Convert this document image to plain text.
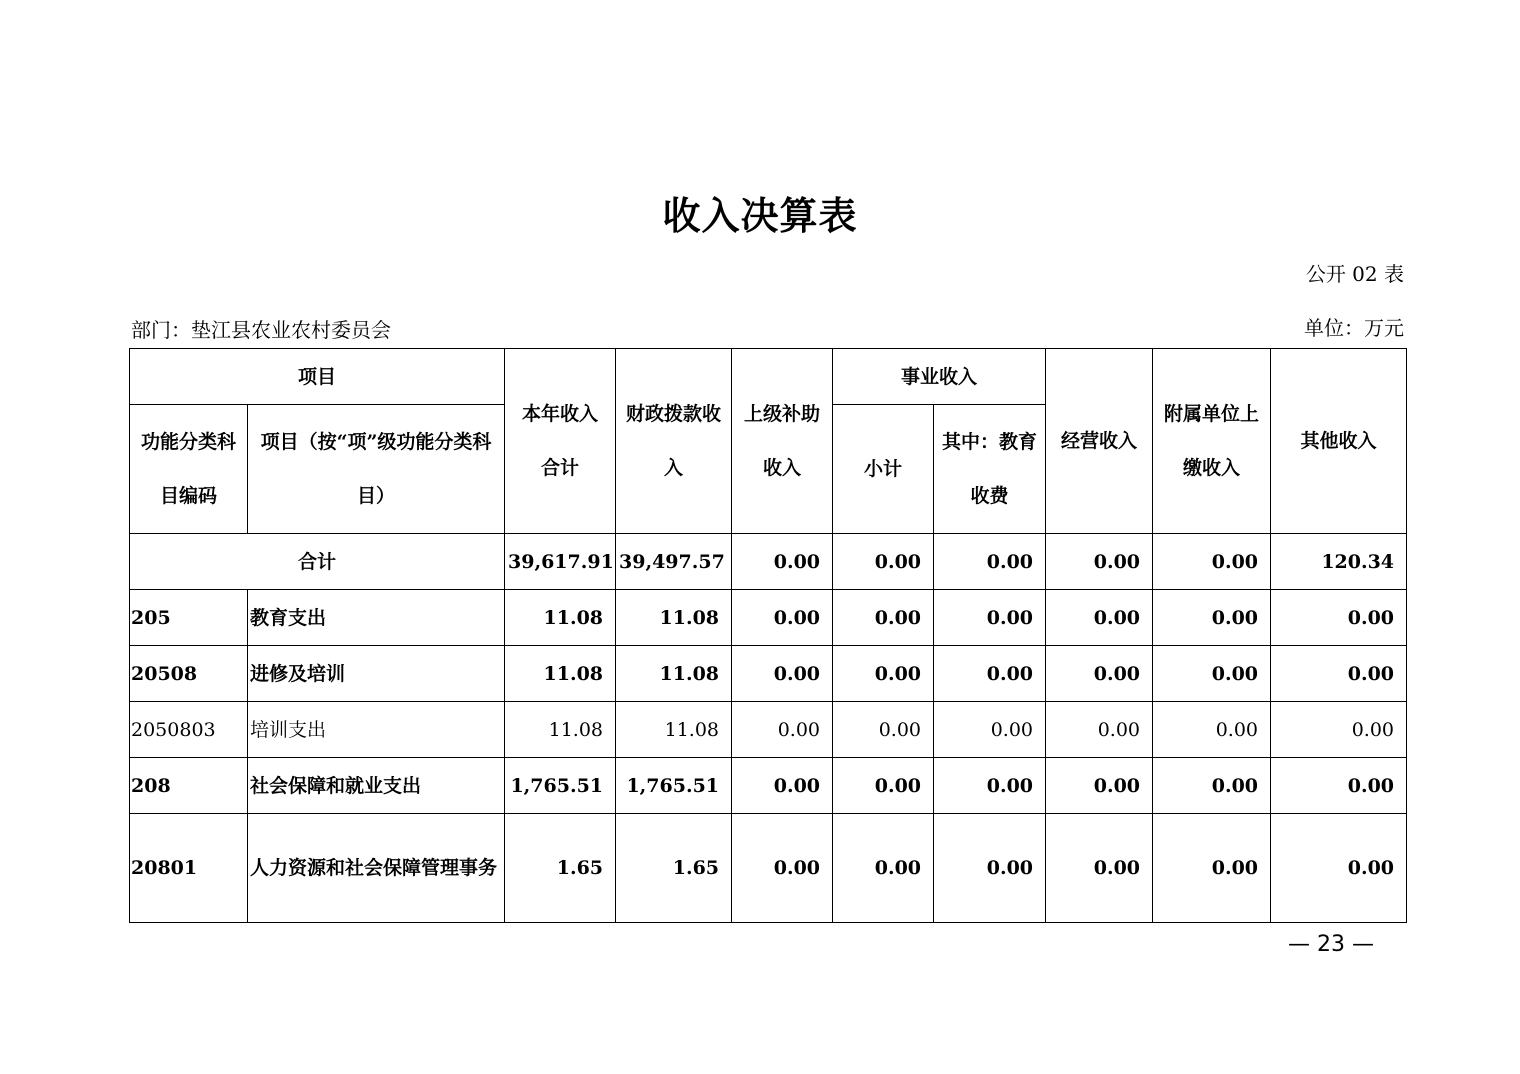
收入决算表
公开 02 表
部门：垫江县农业农村委员会	单位：万元
项目		本年收入合计	财政拨款收入	上级补助收入	事业收入		经营收入	附属单位上缴收入	其他收入
功能分类科目编码	项目（按“项”级功能分类科目）				小计	其中：教育收费			
合计		39,617.91	39,497.57	0.00	0.00	0.00	0.00	0.00	120.34
205	教育支出	11.08	11.08	0.00	0.00	0.00	0.00	0.00	0.00
20508	进修及培训	11.08	11.08	0.00	0.00	0.00	0.00	0.00	0.00
2050803	培训支出	11.08	11.08	0.00	0.00	0.00	0.00	0.00	0.00
208	社会保障和就业支出	1,765.51	1,765.51	0.00	0.00	0.00	0.00	0.00	0.00
20801	人力资源和社会保障管理事务	1.65	1.65	0.00	0.00	0.00	0.00	0.00	0.00
— 23 —
